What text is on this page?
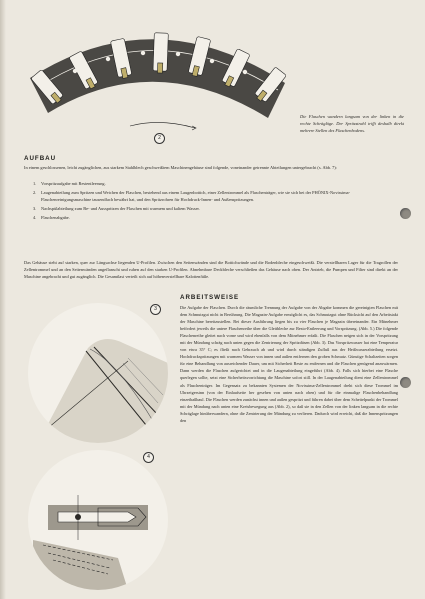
2
Die Flaschen wandern langsam von der linken in die rechte Schrägläge. Der Spritzstrahl trifft deshalb direkt mehrere Stellen des Flaschenbodens.
AUFBAU
In einem geschlossenen, leicht zugänglichen, aus starkem Stahlblech geschweißtem Maschinengehäuse sind folgende, voneinander getrennte Abteilungen untergebracht (s. Abb. 7):
1. Vorspritzaufgabe mit Restentleerung.
2. Laugenabteilung zum Spritzen und Weichen der Flaschen, bestehend aus einem Laugenbottich, einer Zellentrommel als Flaschenträger, wie sie sich bei der PHÖNIX-Novissima-Flaschenreinigungsmaschine tausendfach bewährt hat, und den Spritzrohren für Hochdruck-Innen- und Außenspritzungen.
3. Nachspülabteilung zum Be- und Ausspritzen der Flaschen mit warmem und kaltem Wasser.
4. Flaschenabgabe.
Das Gehäuse steht auf starken, quer zur Längsachse liegenden U-Profilen. Zwischen den Seitenwänden sind die Bottichwände und die Bodenbleche eingeschweißt. Die verstellbaren Lager für die Tragrollen der Zellentrommel und an den Seitenwänden angeflanscht und ruhen auf den starken U-Profilen. Abnehmbare Deckbleche verschließen das Gehäuse nach oben. Der Antrieb, die Pumpen und Filter sind direkt an der Maschine angebracht und gut zugänglich. Die Gesamtlast verteilt sich auf höhenverstellbare Kalottenfüße.
3
4
ARBEITSWEISE
Die Aufgabe der Flaschen. Durch die räumliche Trennung der Aufgabe von der Abgabe kommen die gereinigten Flaschen mit dem Schmutzgut nicht in Berührung. Die Magazin-Aufgabe ermöglicht es, das Schmutzgut ohne Rücksicht auf den Arbeitstakt der Maschine bereitzustellen. Bei dieser Ausführung liegen bis zu vier Flaschen je Magazin übereinander. Ein Mitnehmer befördert jeweils die untere Flaschenreihe über die Gleitbleche zur Resto-Entleerung und Vorspritzung. (Abb. 5.) Die folgende Flaschenreihe gleitet nach vorne und wird ebenfalls von dem Mitnehmer erfaßt. Die Flaschen neigen sich in der Vorspritzung mit der Mündung schräg nach unten gegen die Zentrierung der Spritzdüsen (Abb. 3). Das Vorspritzwasser hat eine Temperatur von etwa 35° C; es fließt nach Gebrauch ab und wird durch ständigen Zufluß aus der Heißwasserabteilung ersetzt. Hochdruckspritzungen mit warmem Wasser von innen und außen entfernen den groben Schmutz. Günstige Schaltzeiten sorgen für eine Behandlung von ausreichender Dauer, um mit Sicherheit Reste zu entfernen und die Flaschen genügend anzuwärmen. Dann werden die Flaschen aufgerichtet und in die Laugenabteilung eingeführt (Abb. 4). Falls sich hierbei eine Flasche querlegen sollte, setzt eine Sicherheitsvorrichtung die Maschine sofort still. In der Laugenabteilung dient eine Zellentrommel als Flaschenträger. Im Gegensatz zu bekannten Systemen der Novissima-Zellentrommel dreht sich diese Trommel im Uhrzeigersinn (von der Einlaufseite her gesehen von unten nach oben) und für die einmalige Flaschenbehandlung einzeibaßbaul. Die Flaschen werden zunächst innen und außen gespritzt und führen dabei über dem Scheitelpunkt der Trommel mit der Mündung nach unten eine Kreisbewegung aus (Abb. 2), so daß sie in den Zellen von der linken langsam in die rechte Schräglage hinüberwandern, ohne die Zentrierung der Mündung zu verlieren. Dadurch wird erreicht, daß die Innenspritzungen den
